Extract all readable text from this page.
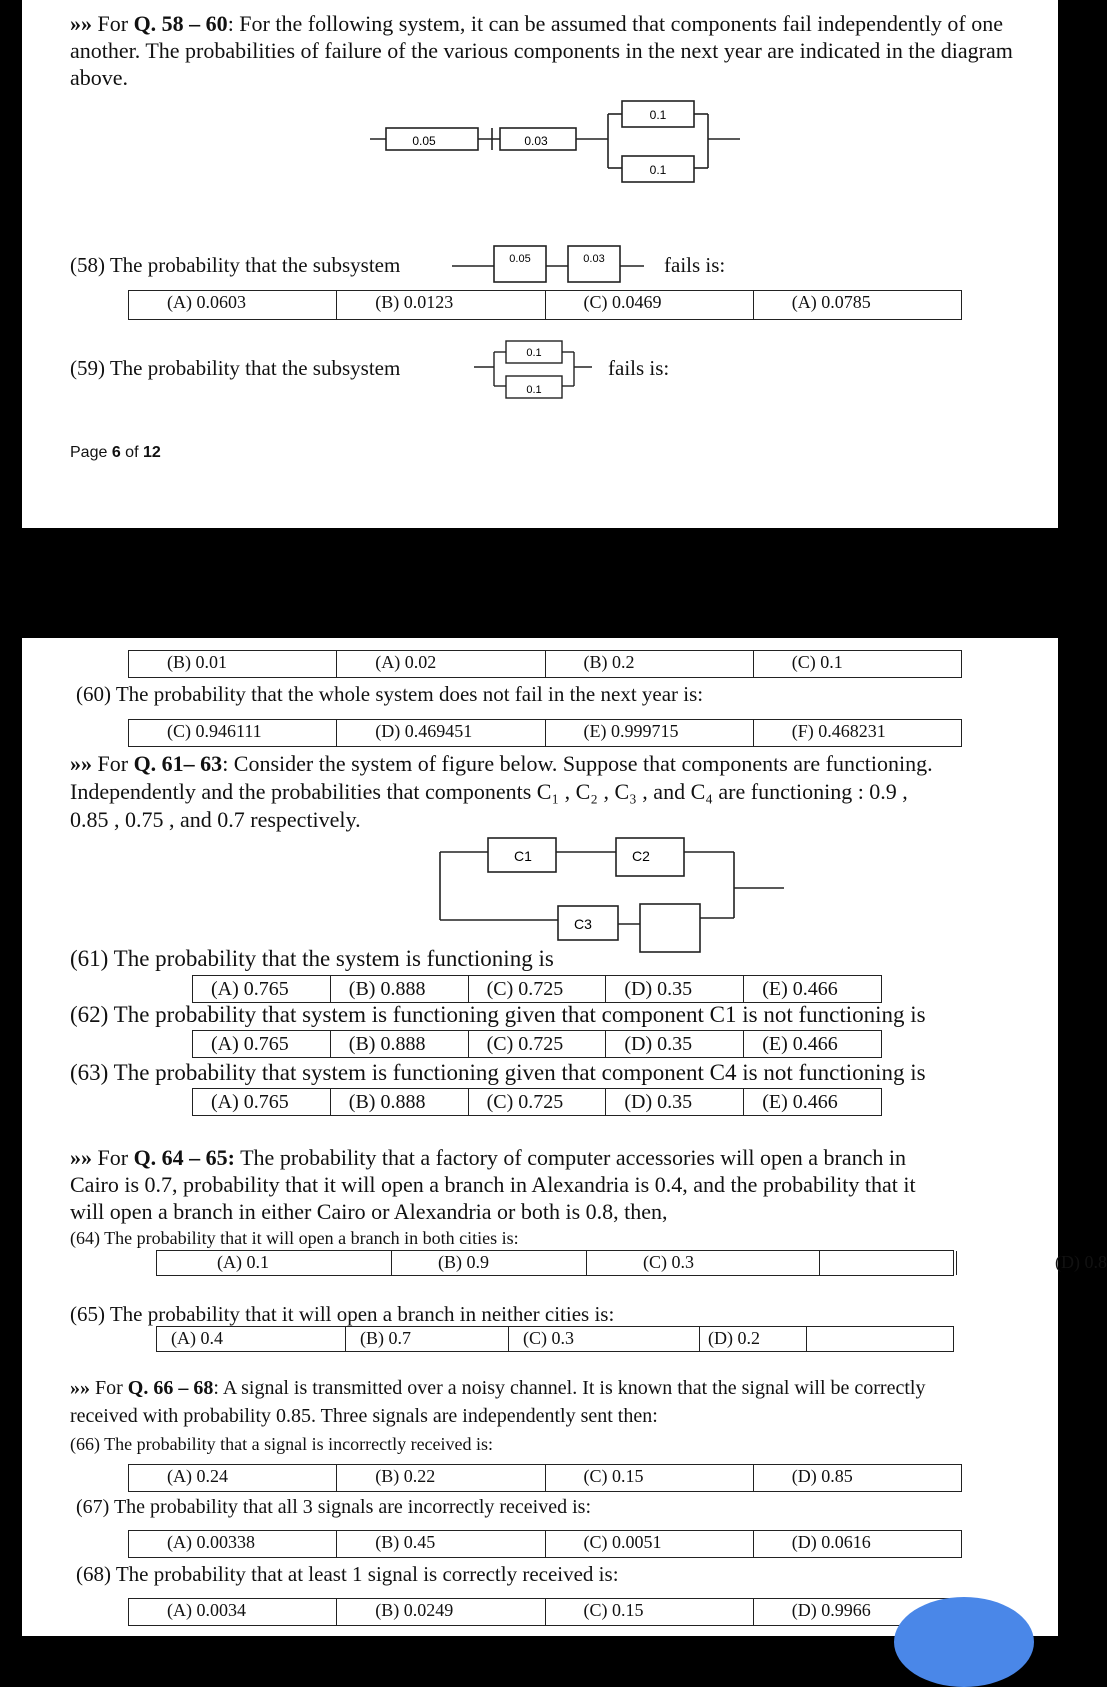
»» For Q. 58 – 60: For the following system, it can be assumed that components fail independently of one another. The probabilities of failure of the various components in the next year are indicated in the diagram above.
0.05	0.03
0.1
0.1
0.05	0.03
0.1
0.1
(58) The probability that the subsystem	fails is:
(A) 0.0603	(B) 0.0123	(C) 0.0469	(A) 0.0785
(59) The probability that the subsystem	fails is:
Page 6 of 12
(B) 0.01	(A) 0.02	(B) 0.2	(C) 0.1
(60) The probability that the whole system does not fail in the next year is:
(C) 0.946111	(D) 0.469451	(E) 0.999715	(F) 0.468231
»» For Q. 61– 63: Consider the system of figure below. Suppose that components are functioning.
Independently and the probabilities that components C₁ , C₂ , C₃ , and C₄ are functioning : 0.9 ,
0.85 , 0.75 , and 0.7 respectively.
C1	C2
C3
(61) The probability that the system is functioning is
(A) 0.765	(B) 0.888	(C) 0.725	(D) 0.35	(E) 0.466
(62) The probability that system is functioning given that component C1 is not functioning is
(A) 0.765	(B) 0.888	(C) 0.725	(D) 0.35	(E) 0.466
(63) The probability that system is functioning given that component C4 is not functioning is
(A) 0.765	(B) 0.888	(C) 0.725	(D) 0.35	(E) 0.466
»» For Q. 64 – 65: The probability that a factory of computer accessories will open a branch in
Cairo is 0.7, probability that it will open a branch in Alexandria is 0.4, and the probability that it
will open a branch in either Cairo or Alexandria or both is 0.8, then,
(64) The probability that it will open a branch in both cities is:
(A) 0.1	(B) 0.9	(C) 0.3	(D) 0.8
(65) The probability that it will open a branch in neither cities is:
(A) 0.4	(B) 0.7	(C) 0.3	(D) 0.2
»» For Q. 66 – 68: A signal is transmitted over a noisy channel. It is known that the signal will be correctly
received with probability 0.85. Three signals are independently sent then:
(66) The probability that a signal is incorrectly received is:
(A) 0.24	(B) 0.22	(C) 0.15	(D) 0.85
(67) The probability that all 3 signals are incorrectly received is:
(A) 0.00338	(B) 0.45	(C) 0.0051	(D) 0.0616
(68) The probability that at least 1 signal is correctly received is:
(A) 0.0034	(B) 0.0249	(C) 0.15	(D) 0.9966
